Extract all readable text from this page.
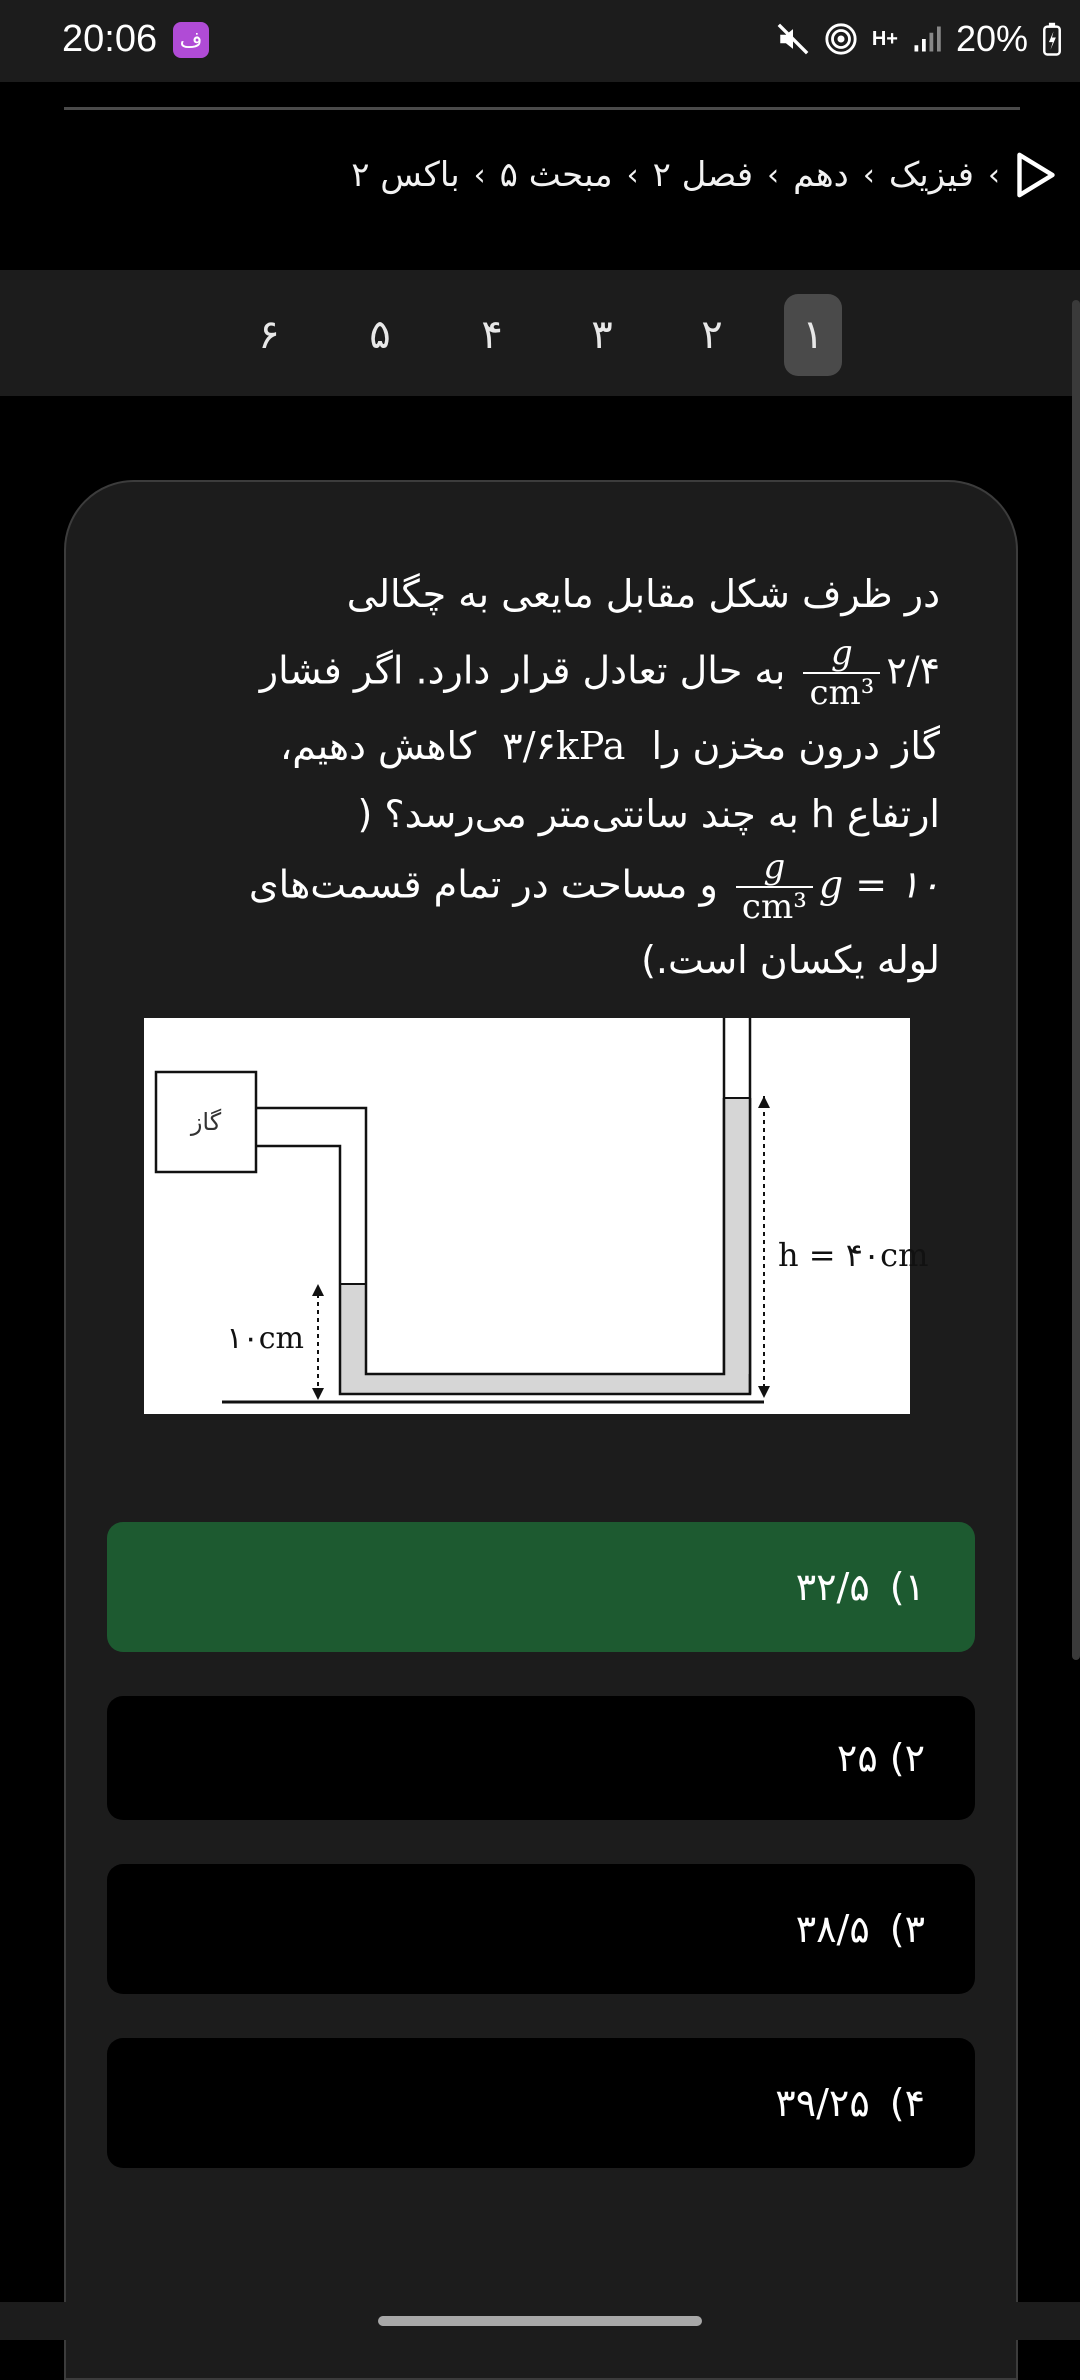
20:06 ف	H+ 20%
›
فیزیک
›
دهم
›
فصل ۲
›
مبحث ۵
›
باکس ۲
۱
۲
۳
۴
۵
۶
در ظرف شکل مقابل مایعی به چگالی
۲/۴
$\frac{g}{\text{cm³}}$
به حال تعادل قرار دارد. اگر فشار
گاز درون مخزن را ۳/۶kPa کاهش دهیم،
ارتفاع h به چند سانتی‌متر می‌رسد؟ (
g = ۱۰
$\frac{g}{\text{cm³}}$
و مساحت در تمام قسمت‌های
لوله یکسان است.)
گاز
۱۰cm
h = ۴۰cm
۱)
۳۲/۵
۲)
۲۵
۳)
۳۸/۵
۴)
۳۹/۲۵
